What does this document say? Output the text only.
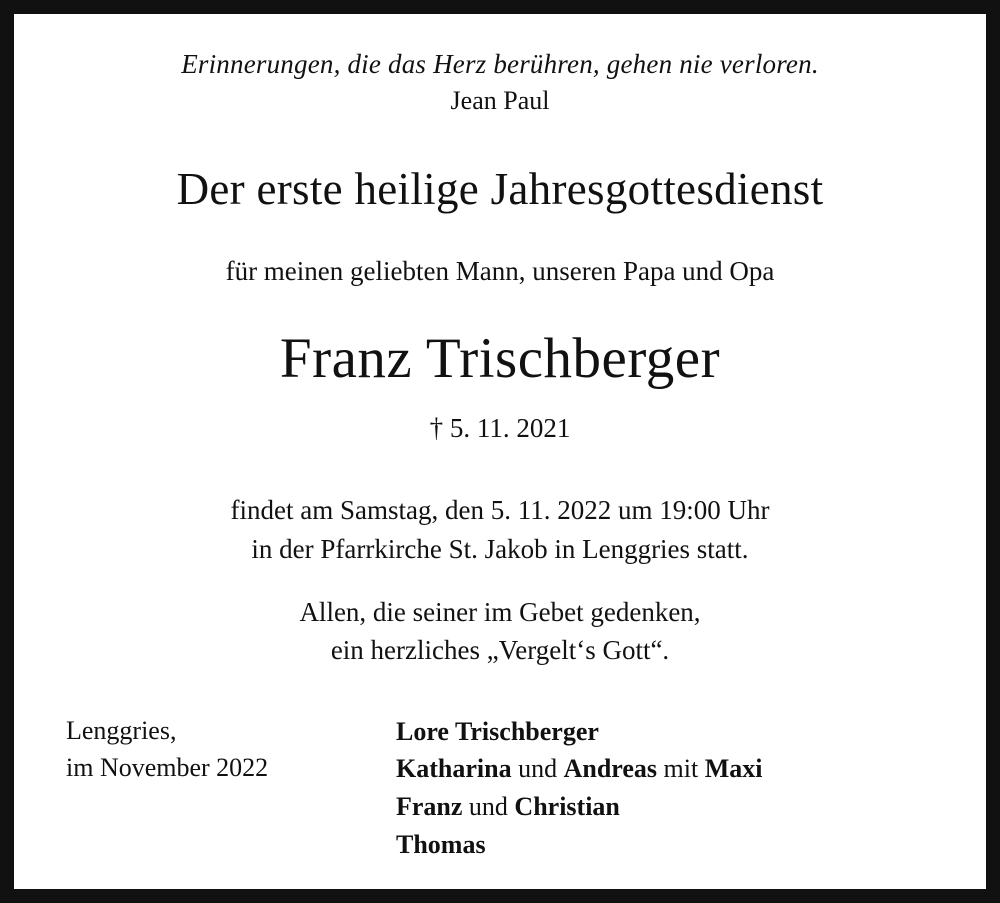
Erinnerungen, die das Herz berühren, gehen nie verloren.
Jean Paul
Der erste heilige Jahresgottesdienst
für meinen geliebten Mann, unseren Papa und Opa
Franz Trischberger
† 5. 11. 2021
findet am Samstag, den 5. 11. 2022 um 19:00 Uhr
in der Pfarrkirche St. Jakob in Lenggries statt.
Allen, die seiner im Gebet gedenken,
ein herzliches „Vergelt‘s Gott“.
Lenggries,
im November 2022
Lore Trischberger
Katharina und Andreas mit Maxi
Franz und Christian
Thomas
